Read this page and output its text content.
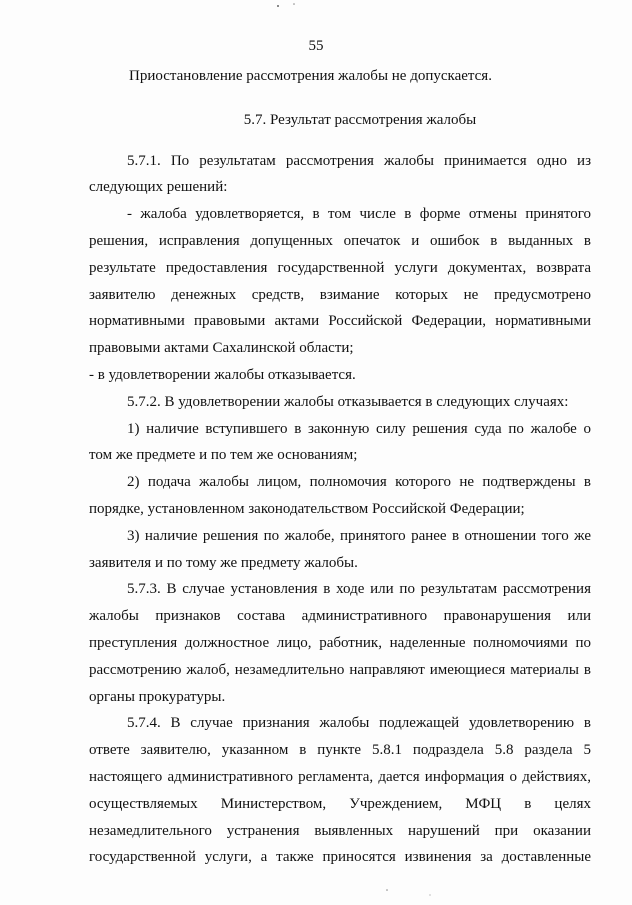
55
Приостановление рассмотрения жалобы не допускается.
5.7. Результат рассмотрения жалобы
5.7.1. По результатам рассмотрения жалобы принимается одно из
следующих решений:
- жалоба удовлетворяется, в том числе в форме отмены принятого
решения, исправления допущенных опечаток и ошибок в выданных в
результате предоставления государственной услуги документах, возврата
заявителю денежных средств, взимание которых не предусмотрено
нормативными правовыми актами Российской Федерации, нормативными
правовыми актами Сахалинской области;
- в удовлетворении жалобы отказывается.
5.7.2. В удовлетворении жалобы отказывается в следующих случаях:
1) наличие вступившего в законную силу решения суда по жалобе о
том же предмете и по тем же основаниям;
2) подача жалобы лицом, полномочия которого не подтверждены в
порядке, установленном законодательством Российской Федерации;
3) наличие решения по жалобе, принятого ранее в отношении того же
заявителя и по тому же предмету жалобы.
5.7.3. В случае установления в ходе или по результатам рассмотрения
жалобы признаков состава административного правонарушения или
преступления должностное лицо, работник, наделенные полномочиями по
рассмотрению жалоб, незамедлительно направляют имеющиеся материалы в
органы прокуратуры.
5.7.4. В случае признания жалобы подлежащей удовлетворению в
ответе заявителю, указанном в пункте 5.8.1 подраздела 5.8 раздела 5
настоящего административного регламента, дается информация о действиях,
осуществляемых Министерством, Учреждением, МФЦ в целях
незамедлительного устранения выявленных нарушений при оказании
государственной услуги, а также приносятся извинения за доставленные
